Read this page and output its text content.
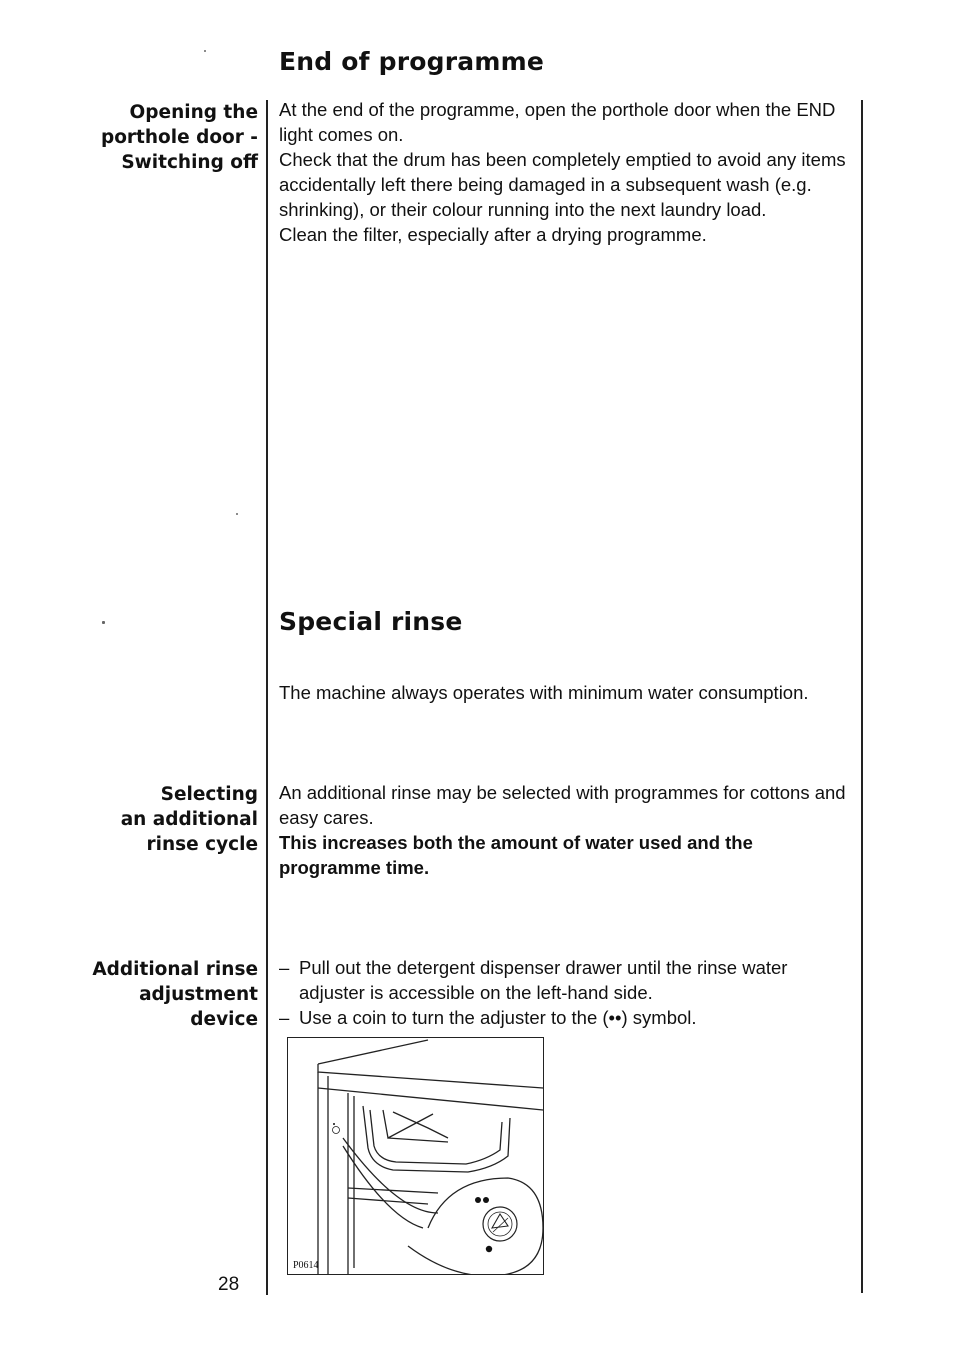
End of programme
Opening the
porthole door -
Switching off

At the end of the programme, open the porthole door when the END light comes on.

Check that the drum has been completely emptied to avoid any items accidentally left there being damaged in a subsequent wash (e.g. shrinking), or their colour running into the next laundry load.

Clean the filter, especially after a drying programme.

Special rinse

The machine always operates with minimum water consumption.

Selecting
an additional
rinse cycle

An additional rinse may be selected with programmes for cottons and easy cares.

This increases both the amount of water used and the programme time.

Additional rinse
adjustment
device
– Pull out the detergent dispenser drawer until the rinse water adjuster is accessible on the left-hand side.
– Use a coin to turn the adjuster to the (••) symbol.
P0614
28
